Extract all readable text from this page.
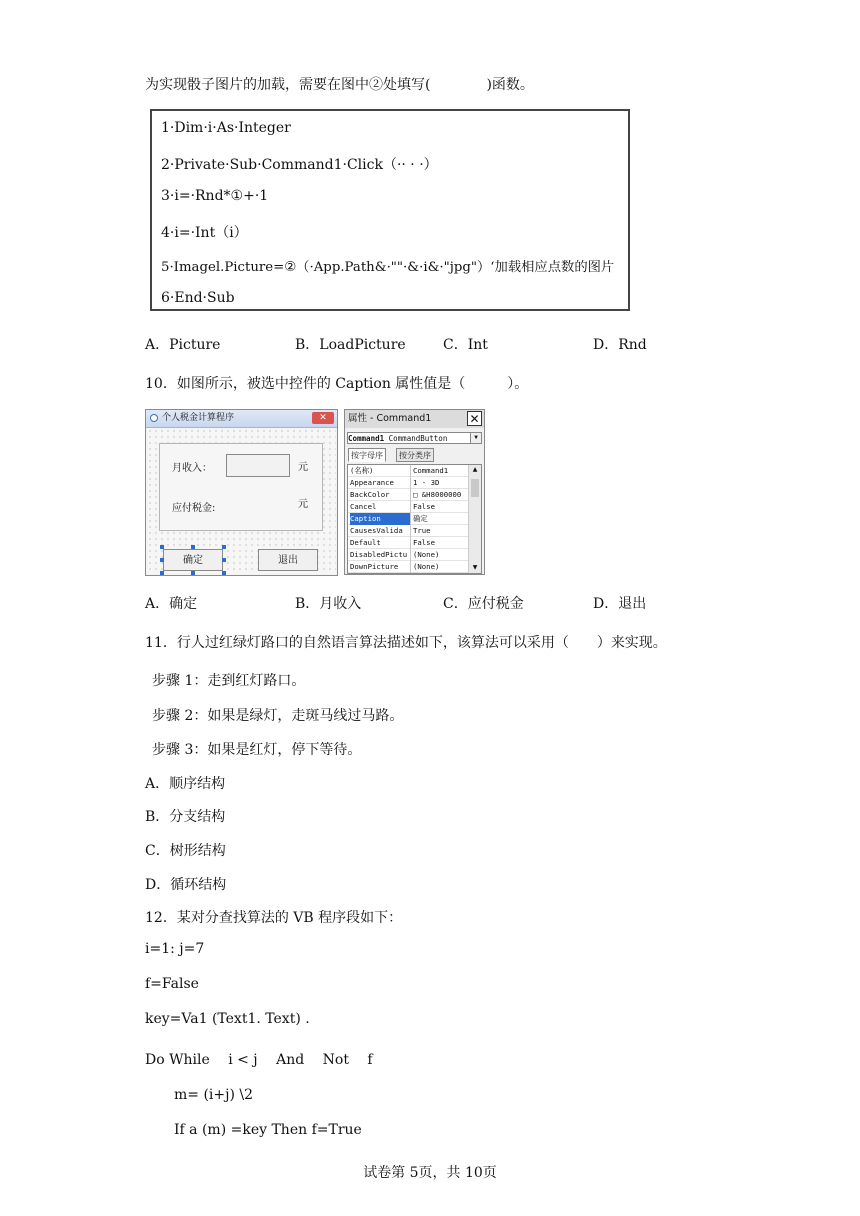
为实现骰子图片的加载，需要在图中②处填写(　　　　)函数。
1·Dim·i·As·Integer
2·Private·Sub·Command1·Click（·· · ·）
3·i=·Rnd*①+·1
4·i=·Int（i）
5·Imagel.Picture=②（·App.Path&·""·&·i&·"jpg"）‘加载相应点数的图片
6·End·Sub
A．Picture	B．LoadPicture	C．Int	D．Rnd
10．如图所示，被选中控件的 Caption 属性值是（　　　）。
个人税金计算程序	✕
月收入：	元
应付税金:	元
确定	退出
属性 - Command1	✕
Command1 CommandButton	▼
按字母序	按分类序
(名称)	Command1
Appearance	1 - 3D
BackColor	□ &H8000000
Cancel	False
Caption	确定
CausesValida	True
Default	False
DisabledPictu (None)
DownPicture	(None)
▲
▼
A．确定	B．月收入	C．应付税金	D．退出
11．行人过红绿灯路口的自然语言算法描述如下，该算法可以采用（　　）来实现。
步骤 1：走到红灯路口。
步骤 2：如果是绿灯，走斑马线过马路。
步骤 3：如果是红灯，停下等待。
A．顺序结构
B．分支结构
C．树形结构
D．循环结构
12．某对分查找算法的 VB 程序段如下：
i=1: j=7
f=False
key=Va1 (Text1. Text) .
Do While　 i < j　 And　 Not　 f
m= (i+j) \2
If a (m) =key Then f=True
试卷第 5页，共 10页
